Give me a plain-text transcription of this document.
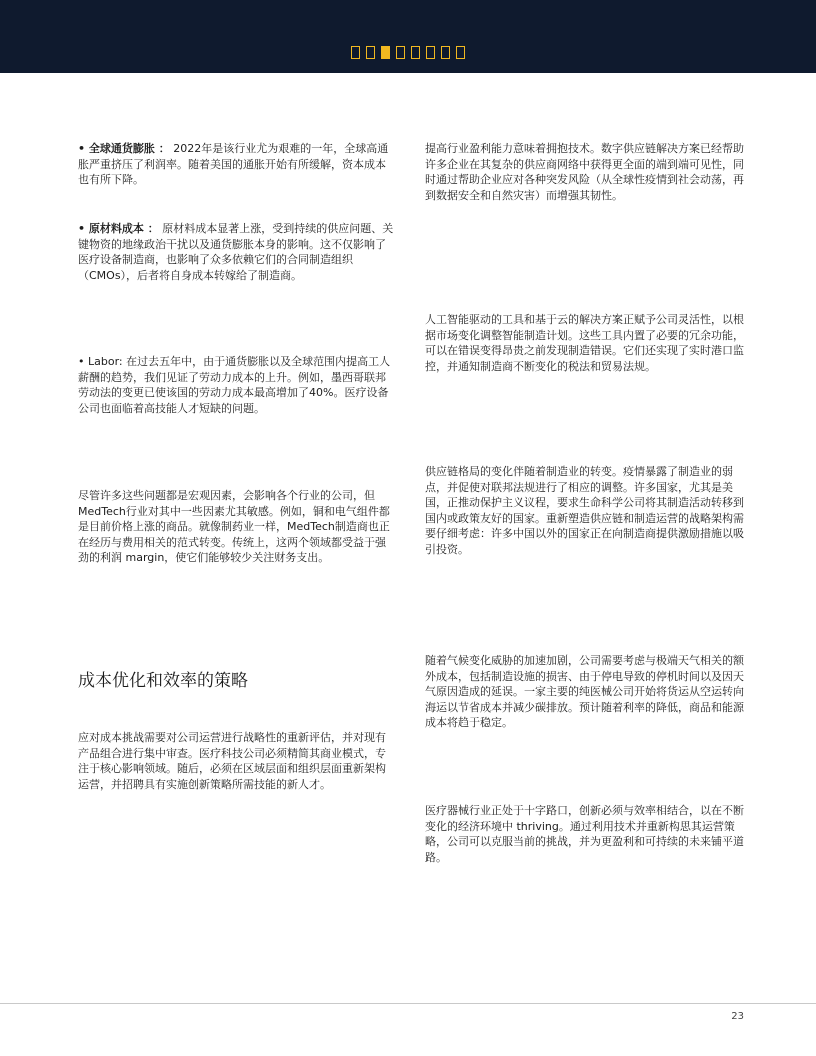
• 全球通货膨胀 ： 2022年是该行业尤为艰难的一年，全球高通胀严重挤压了利润率。随着美国的通胀开始有所缓解，资本成本也有所下降。

• 原材料成本 ： 原材料成本显著上涨，受到持续的供应问题、关键物资的地缘政治干扰以及通货膨胀本身的影响。这不仅影响了医疗设备制造商，也影响了众多依赖它们的合同制造组织（CMOs），后者将自身成本转嫁给了制造商。

• Labor: 在过去五年中，由于通货膨胀以及全球范围内提高工人薪酬的趋势，我们见证了劳动力成本的上升。例如，墨西哥联邦劳动法的变更已使该国的劳动力成本最高增加了40%。医疗设备公司也面临着高技能人才短缺的问题。

尽管许多这些问题都是宏观因素，会影响各个行业的公司，但MedTech行业对其中一些因素尤其敏感。例如，铜和电气组件都是目前价格上涨的商品。就像制药业一样，MedTech制造商也正在经历与费用相关的范式转变。传统上，这两个领域都受益于强劲的利润 margin，使它们能够较少关注财务支出。

成本优化和效率的策略

应对成本挑战需要对公司运营进行战略性的重新评估，并对现有产品组合进行集中审查。医疗科技公司必须精简其商业模式，专注于核心影响领域。随后，必须在区域层面和组织层面重新架构运营，并招聘具有实施创新策略所需技能的新人才。

提高行业盈利能力意味着拥抱技术。数字供应链解决方案已经帮助许多企业在其复杂的供应商网络中获得更全面的端到端可见性，同时通过帮助企业应对各种突发风险（从全球性疫情到社会动荡，再到数据安全和自然灾害）而增强其韧性。

人工智能驱动的工具和基于云的解决方案正赋予公司灵活性，以根据市场变化调整智能制造计划。这些工具内置了必要的冗余功能，可以在错误变得昂贵之前发现制造错误。它们还实现了实时港口监控，并通知制造商不断变化的税法和贸易法规。

供应链格局的变化伴随着制造业的转变。疫情暴露了制造业的弱点，并促使对联邦法规进行了相应的调整。许多国家，尤其是美国，正推动保护主义议程，要求生命科学公司将其制造活动转移到国内或政策友好的国家。重新塑造供应链和制造运营的战略架构需要仔细考虑：许多中国以外的国家正在向制造商提供激励措施以吸引投资。

随着气候变化威胁的加速加剧，公司需要考虑与极端天气相关的额外成本，包括制造设施的损害、由于停电导致的停机时间以及因天气原因造成的延误。一家主要的纯医械公司开始将货运从空运转向海运以节省成本并减少碳排放。预计随着利率的降低，商品和能源成本将趋于稳定。

医疗器械行业正处于十字路口，创新必须与效率相结合，以在不断变化的经济环境中 thriving。通过利用技术并重新构思其运营策略，公司可以克服当前的挑战，并为更盈利和可持续的未来铺平道路。

23
